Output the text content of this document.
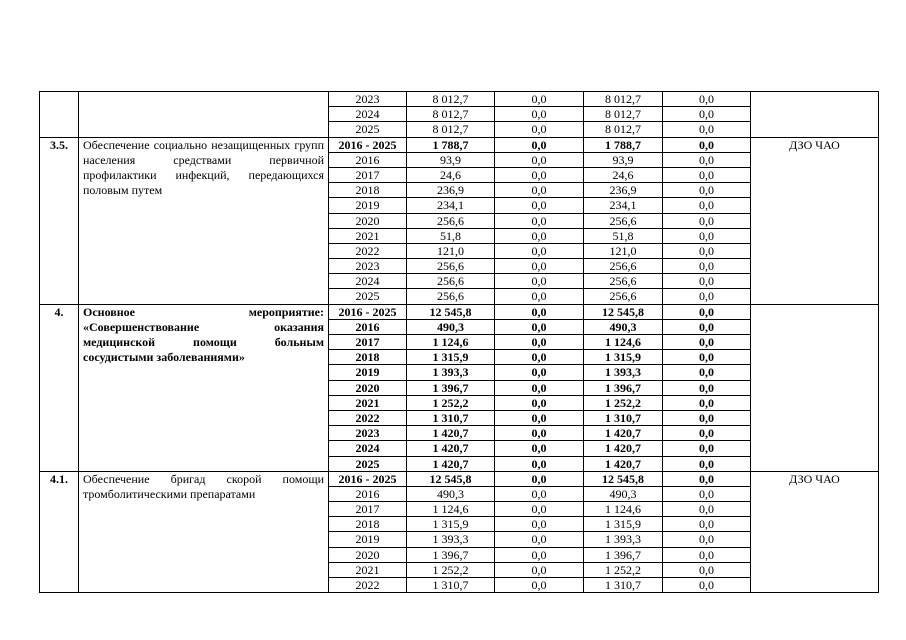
		2023	8 012,7	0,0	8 012,7	0,0	
		2024	8 012,7	0,0	8 012,7	0,0	
		2025	8 012,7	0,0	8 012,7	0,0	
3.5.	Обеспечение социально незащищенных групп населения средствами первичной профилактики инфекций, передающихся половым путем	2016 - 2025	1 788,7	0,0	1 788,7	0,0	ДЗО ЧАО
		2016	93,9	0,0	93,9	0,0	
		2017	24,6	0,0	24,6	0,0	
		2018	236,9	0,0	236,9	0,0	
		2019	234,1	0,0	234,1	0,0	
		2020	256,6	0,0	256,6	0,0	
		2021	51,8	0,0	51,8	0,0	
		2022	121,0	0,0	121,0	0,0	
		2023	256,6	0,0	256,6	0,0	
		2024	256,6	0,0	256,6	0,0	
		2025	256,6	0,0	256,6	0,0	
4.	Основное мероприятие: «Совершенствование оказания медицинской помощи больным сосудистыми заболеваниями»	2016 - 2025	12 545,8	0,0	12 545,8	0,0	
		2016	490,3	0,0	490,3	0,0	
		2017	1 124,6	0,0	1 124,6	0,0	
		2018	1 315,9	0,0	1 315,9	0,0	
		2019	1 393,3	0,0	1 393,3	0,0	
		2020	1 396,7	0,0	1 396,7	0,0	
		2021	1 252,2	0,0	1 252,2	0,0	
		2022	1 310,7	0,0	1 310,7	0,0	
		2023	1 420,7	0,0	1 420,7	0,0	
		2024	1 420,7	0,0	1 420,7	0,0	
		2025	1 420,7	0,0	1 420,7	0,0	
4.1.	Обеспечение бригад скорой помощи тромболитическими препаратами	2016 - 2025	12 545,8	0,0	12 545,8	0,0	ДЗО ЧАО
		2016	490,3	0,0	490,3	0,0	
		2017	1 124,6	0,0	1 124,6	0,0	
		2018	1 315,9	0,0	1 315,9	0,0	
		2019	1 393,3	0,0	1 393,3	0,0	
		2020	1 396,7	0,0	1 396,7	0,0	
		2021	1 252,2	0,0	1 252,2	0,0	
		2022	1 310,7	0,0	1 310,7	0,0	
